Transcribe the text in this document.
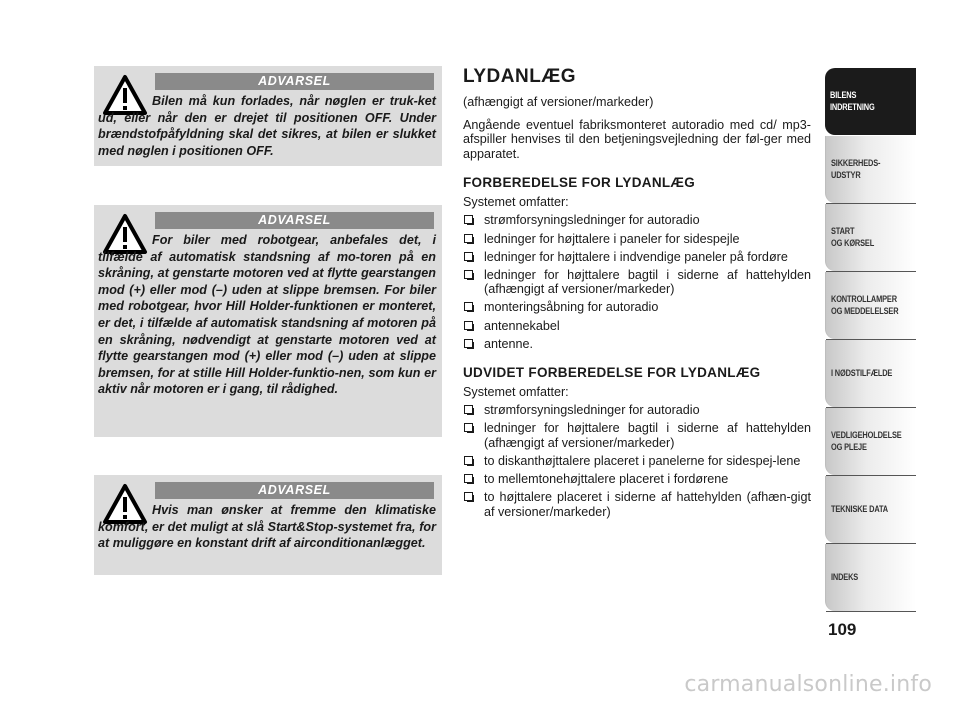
ADVARSEL
Bilen må kun forlades, når nøglen er truk-ket ud, eller når den er drejet til positionen OFF. Under brændstofpåfyldning skal det sikres, at bilen er slukket med nøglen i positionen OFF.
ADVARSEL
For biler med robotgear, anbefales det, i tilfælde af automatisk standsning af mo-toren på en skråning, at genstarte motoren ved at flytte gearstangen mod (+) eller mod (–) uden at slippe bremsen. For biler med robotgear, hvor Hill Holder-funktionen er monteret, er det, i tilfælde af automatisk standsning af motoren på en skråning, nødvendigt at genstarte motoren ved at flytte gearstangen mod (+) eller mod (–) uden at slippe bremsen, for at stille Hill Holder-funktio-nen, som kun er aktiv når motoren er i gang, til rådighed.
ADVARSEL
Hvis man ønsker at fremme den klimatiske komfort, er det muligt at slå Start&Stop-systemet fra, for at muliggøre en konstant drift af airconditionanlægget.
LYDANLÆG

(afhængigt af versioner/markeder)

Angående eventuel fabriksmonteret autoradio med cd/ mp3-afspiller henvises til den betjeningsvejledning der føl-ger med apparatet.

FORBEREDELSE FOR LYDANLÆG

Systemet omfatter:

strømforsyningsledninger for autoradio
ledninger for højttalere i paneler for sidespejle
ledninger for højttalere i indvendige paneler på fordøre
ledninger for højttalere bagtil i siderne af hattehylden (afhængigt af versioner/markeder)
monteringsåbning for autoradio
antennekabel
antenne.
UDVIDET FORBEREDELSE FOR LYDANLÆG

Systemet omfatter:

strømforsyningsledninger for autoradio
ledninger for højttalere bagtil i siderne af hattehylden (afhængigt af versioner/markeder)
to diskanthøjttalere placeret i panelerne for sidespej-lene
to mellemtonehøjttalere placeret i fordørene
to højttalere placeret i siderne af hattehylden (afhæn-gigt af versioner/markeder)
BILENS
INDRETNING
SIKKERHEDS-
UDSTYR
START
OG KØRSEL
KONTROLLAMPER
OG MEDDELELSER
I NØDSTILFÆLDE
VEDLIGEHOLDELSE
OG PLEJE
TEKNISKE DATA
INDEKS
109
carmanualsonline.info
